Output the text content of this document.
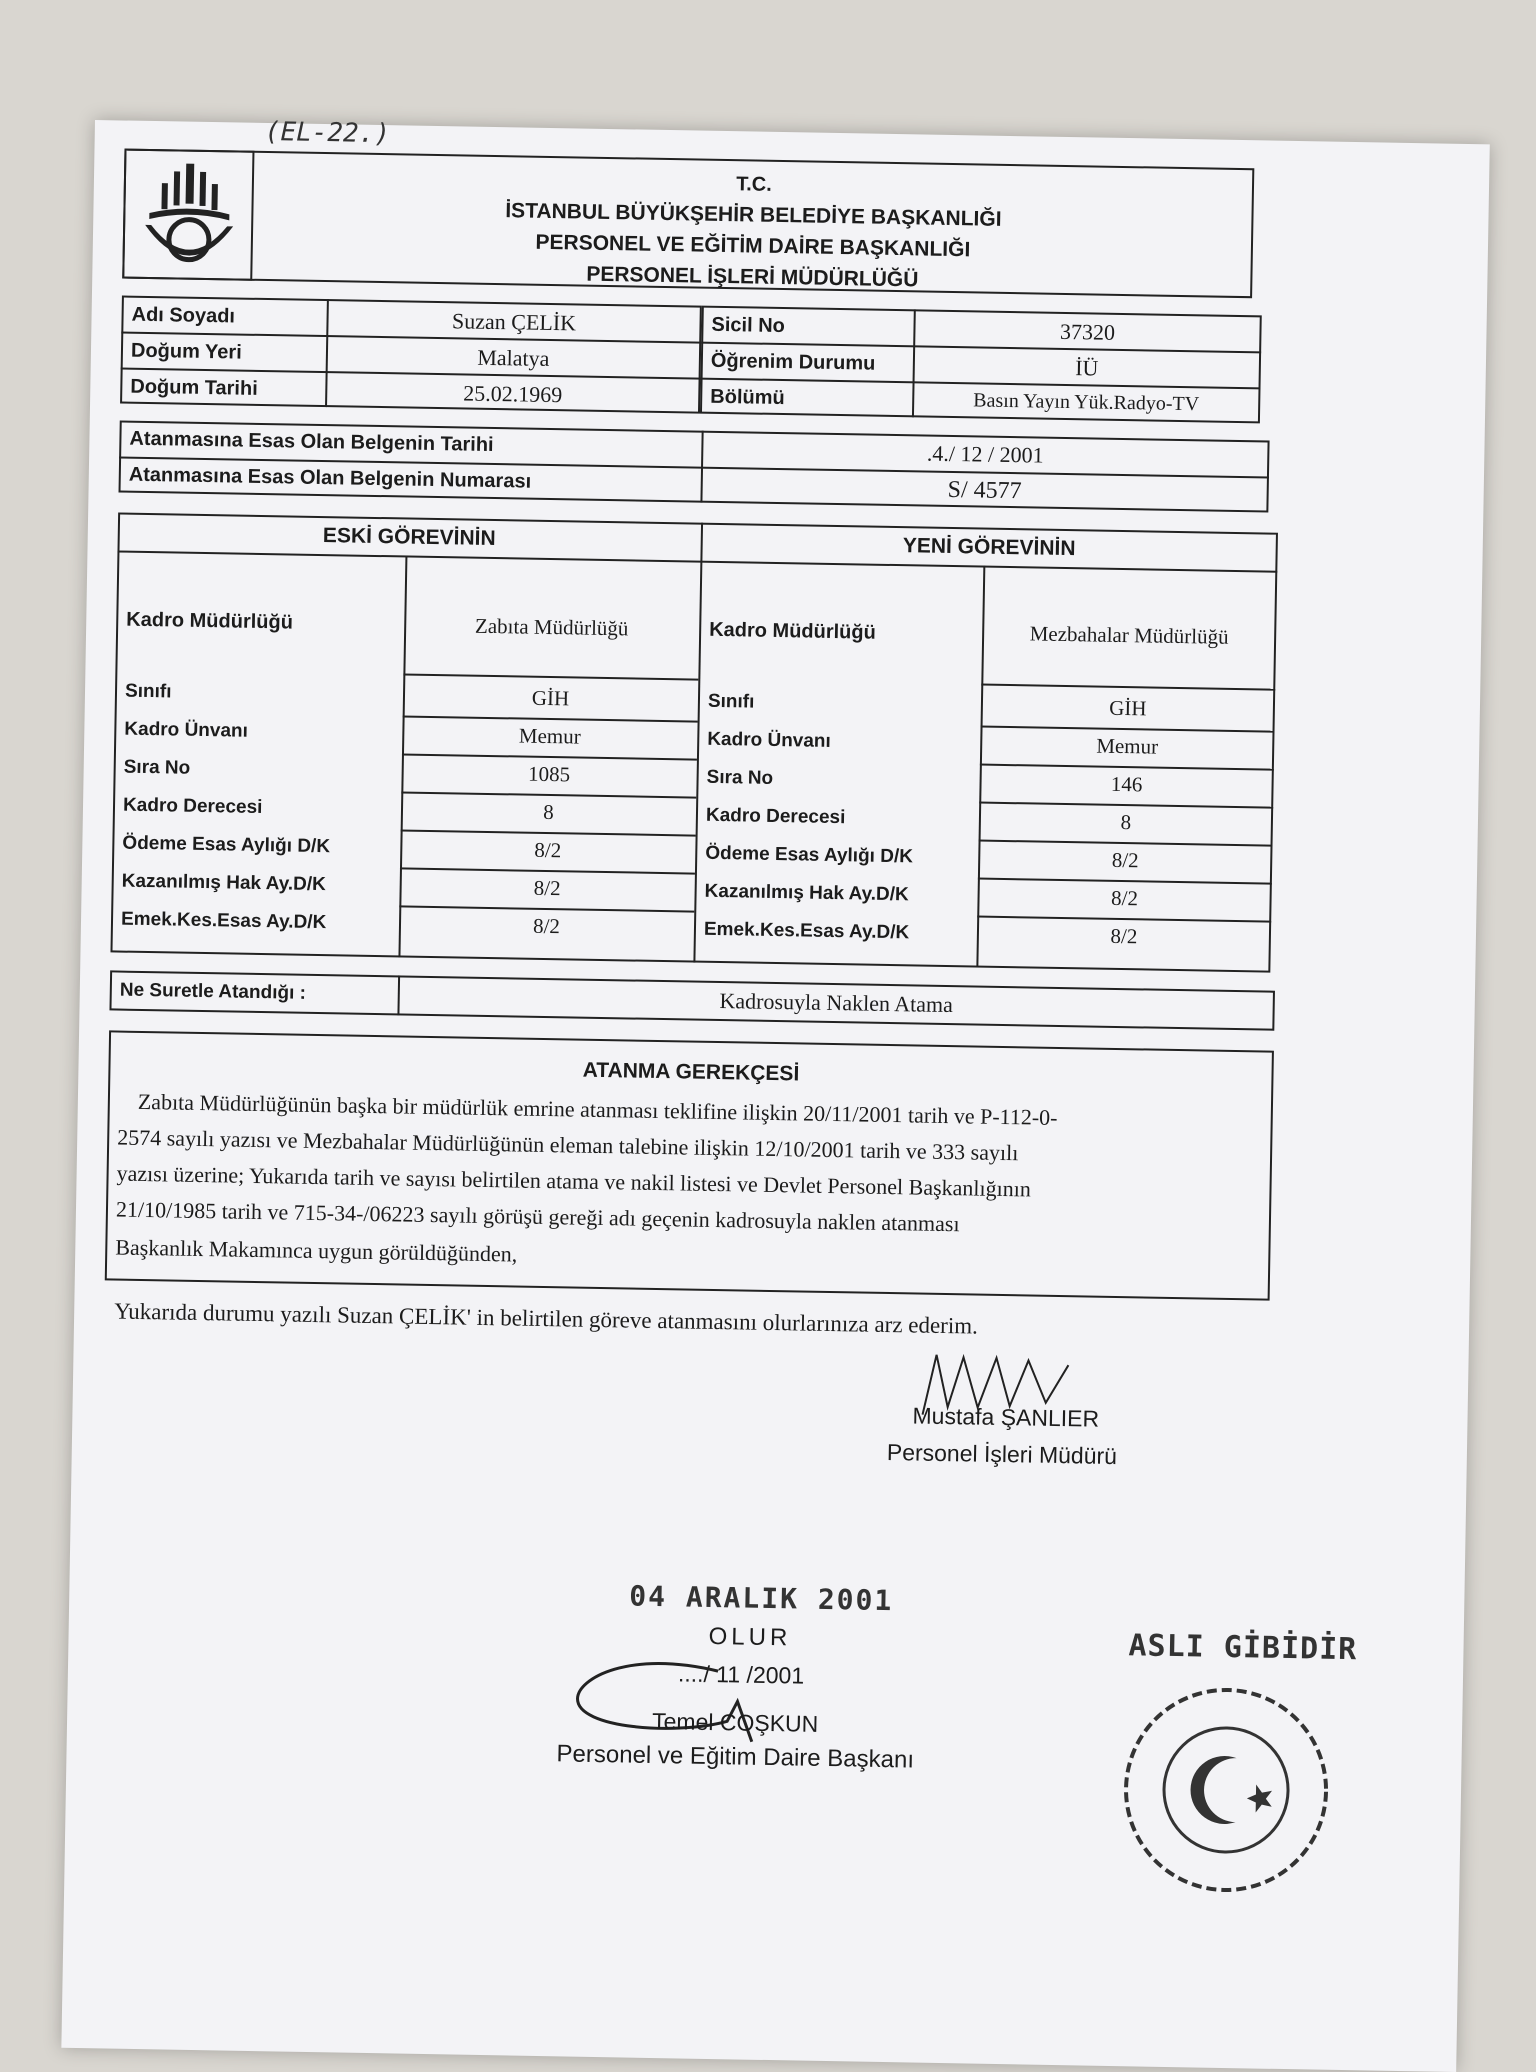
(EL-22.)
T.C.
İSTANBUL BÜYÜKŞEHİR BELEDİYE BAŞKANLIĞI
PERSONEL VE EĞİTİM DAİRE BAŞKANLIĞI
PERSONEL İŞLERİ MÜDÜRLÜĞÜ
Adı Soyadı	Suzan ÇELİK
Doğum Yeri	Malatya
Doğum Tarihi	25.02.1969
Sicil No	37320
Öğrenim Durumu	İÜ
Bölümü	Basın Yayın Yük.Radyo-TV
Atanmasına Esas Olan Belgenin Tarihi	.4./ 12 / 2001
Atanmasına Esas Olan Belgenin Numarası	S/ 4577
ESKİ GÖREVİNİN	YENİ GÖREVİNİN
Kadro Müdürlüğü	Zabıta Müdürlüğü
Sınıfı	GİH
Kadro Ünvanı	Memur
Sıra No	1085
Kadro Derecesi	8
Ödeme Esas Aylığı D/K	8/2
Kazanılmış Hak Ay.D/K	8/2
Emek.Kes.Esas Ay.D/K	8/2
Kadro Müdürlüğü	Mezbahalar Müdürlüğü
Sınıfı	GİH
Kadro Ünvanı	Memur
Sıra No	146
Kadro Derecesi	8
Ödeme Esas Aylığı D/K	8/2
Kazanılmış Hak Ay.D/K	8/2
Emek.Kes.Esas Ay.D/K	8/2
Ne Suretle Atandığı :	Kadrosuyla Naklen Atama
ATANMA GEREKÇESİ
Zabıta Müdürlüğünün başka bir müdürlük emrine atanması teklifine ilişkin 20/11/2001 tarih ve P-112-0-
2574 sayılı yazısı ve Mezbahalar Müdürlüğünün eleman talebine ilişkin 12/10/2001 tarih ve 333 sayılı
yazısı üzerine; Yukarıda tarih ve sayısı belirtilen atama ve nakil listesi ve Devlet Personel Başkanlığının
21/10/1985 tarih ve 715-34-/06223 sayılı görüşü gereği adı geçenin kadrosuyla naklen atanması
Başkanlık Makamınca uygun görüldüğünden,
Yukarıda durumu yazılı Suzan ÇELİK' in belirtilen göreve atanmasını olurlarınıza arz ederim.
Mustafa ŞANLIER
Personel İşleri Müdürü
04 ARALIK 2001
OLUR
..../ 11 /2001
Temel COŞKUN
Personel ve Eğitim Daire Başkanı
ASLI GİBİDİR
